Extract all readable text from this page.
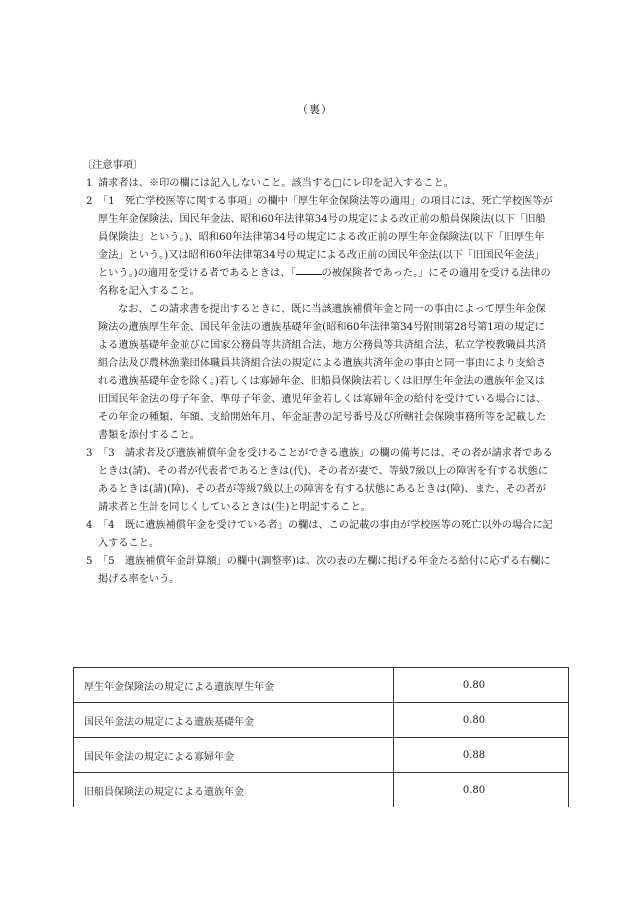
（裏）
〔注意事項〕
1 請求者は、※印の欄には記入しないこと。該当する□にレ印を記入すること。
2 「1　死亡学校医等に関する事項」の欄中「厚生年金保険法等の適用」の項目には、死亡学校医等が厚生年金保険法、国民年金法、昭和60年法律第34号の規定による改正前の船員保険法(以下「旧船員保険法」という。)、昭和60年法律第34号の規定による改正前の厚生年金保険法(以下「旧厚生年金法」という。)又は昭和60年法律第34号の規定による改正前の国民年金法(以下「旧国民年金法」という。)の適用を受ける者であるときは、「	の被保険者であった。」にその適用を受ける法律の名称を記入すること。
なお、この請求書を提出するときに、既に当該遺族補償年金と同一の事由によって厚生年金保険法の遺族厚生年金、国民年金法の遺族基礎年金(昭和60年法律第34号附則第28号第1項の規定による遺族基礎年金並びに国家公務員等共済組合法、地方公務員等共済組合法、私立学校教職員共済組合法及び農林漁業団体職員共済組合法の規定による遺族共済年金の事由と同一事由により支給される遺族基礎年金を除く。)若しくは寡婦年金、旧船員保険法若しくは旧厚生年金法の遺族年金又は旧国民年金法の母子年金、準母子年金、遺児年金若しくは寡婦年金の給付を受けている場合には、その年金の種類、年額、支給開始年月、年金証書の記号番号及び所轄社会保険事務所等を記載した書類を添付すること。
3 「3　請求者及び遺族補償年金を受けることができる遺族」の欄の備考には、その者が請求者であるときは(請)、その者が代表者であるときは(代)、その者が妻で、等級7級以上の障害を有する状態にあるときは(請)(障)、その者が等級7級以上の障害を有する状態にあるときは(障)、また、その者が請求者と生計を同じくしているときは(生)と明記すること。
4 「4　既に遺族補償年金を受けている者」の欄は、この記載の事由が学校医等の死亡以外の場合に記入すること。
5 「5　遺族補償年金計算額」の欄中(調整率)は、次の表の左欄に掲げる年金たる給付に応ずる右欄に掲げる率をいう。
厚生年金保険法の規定による遺族厚生年金	0.80
国民年金法の規定による遺族基礎年金	0.80
国民年金法の規定による寡婦年金	0.88
旧船員保険法の規定による遺族年金	0.80
